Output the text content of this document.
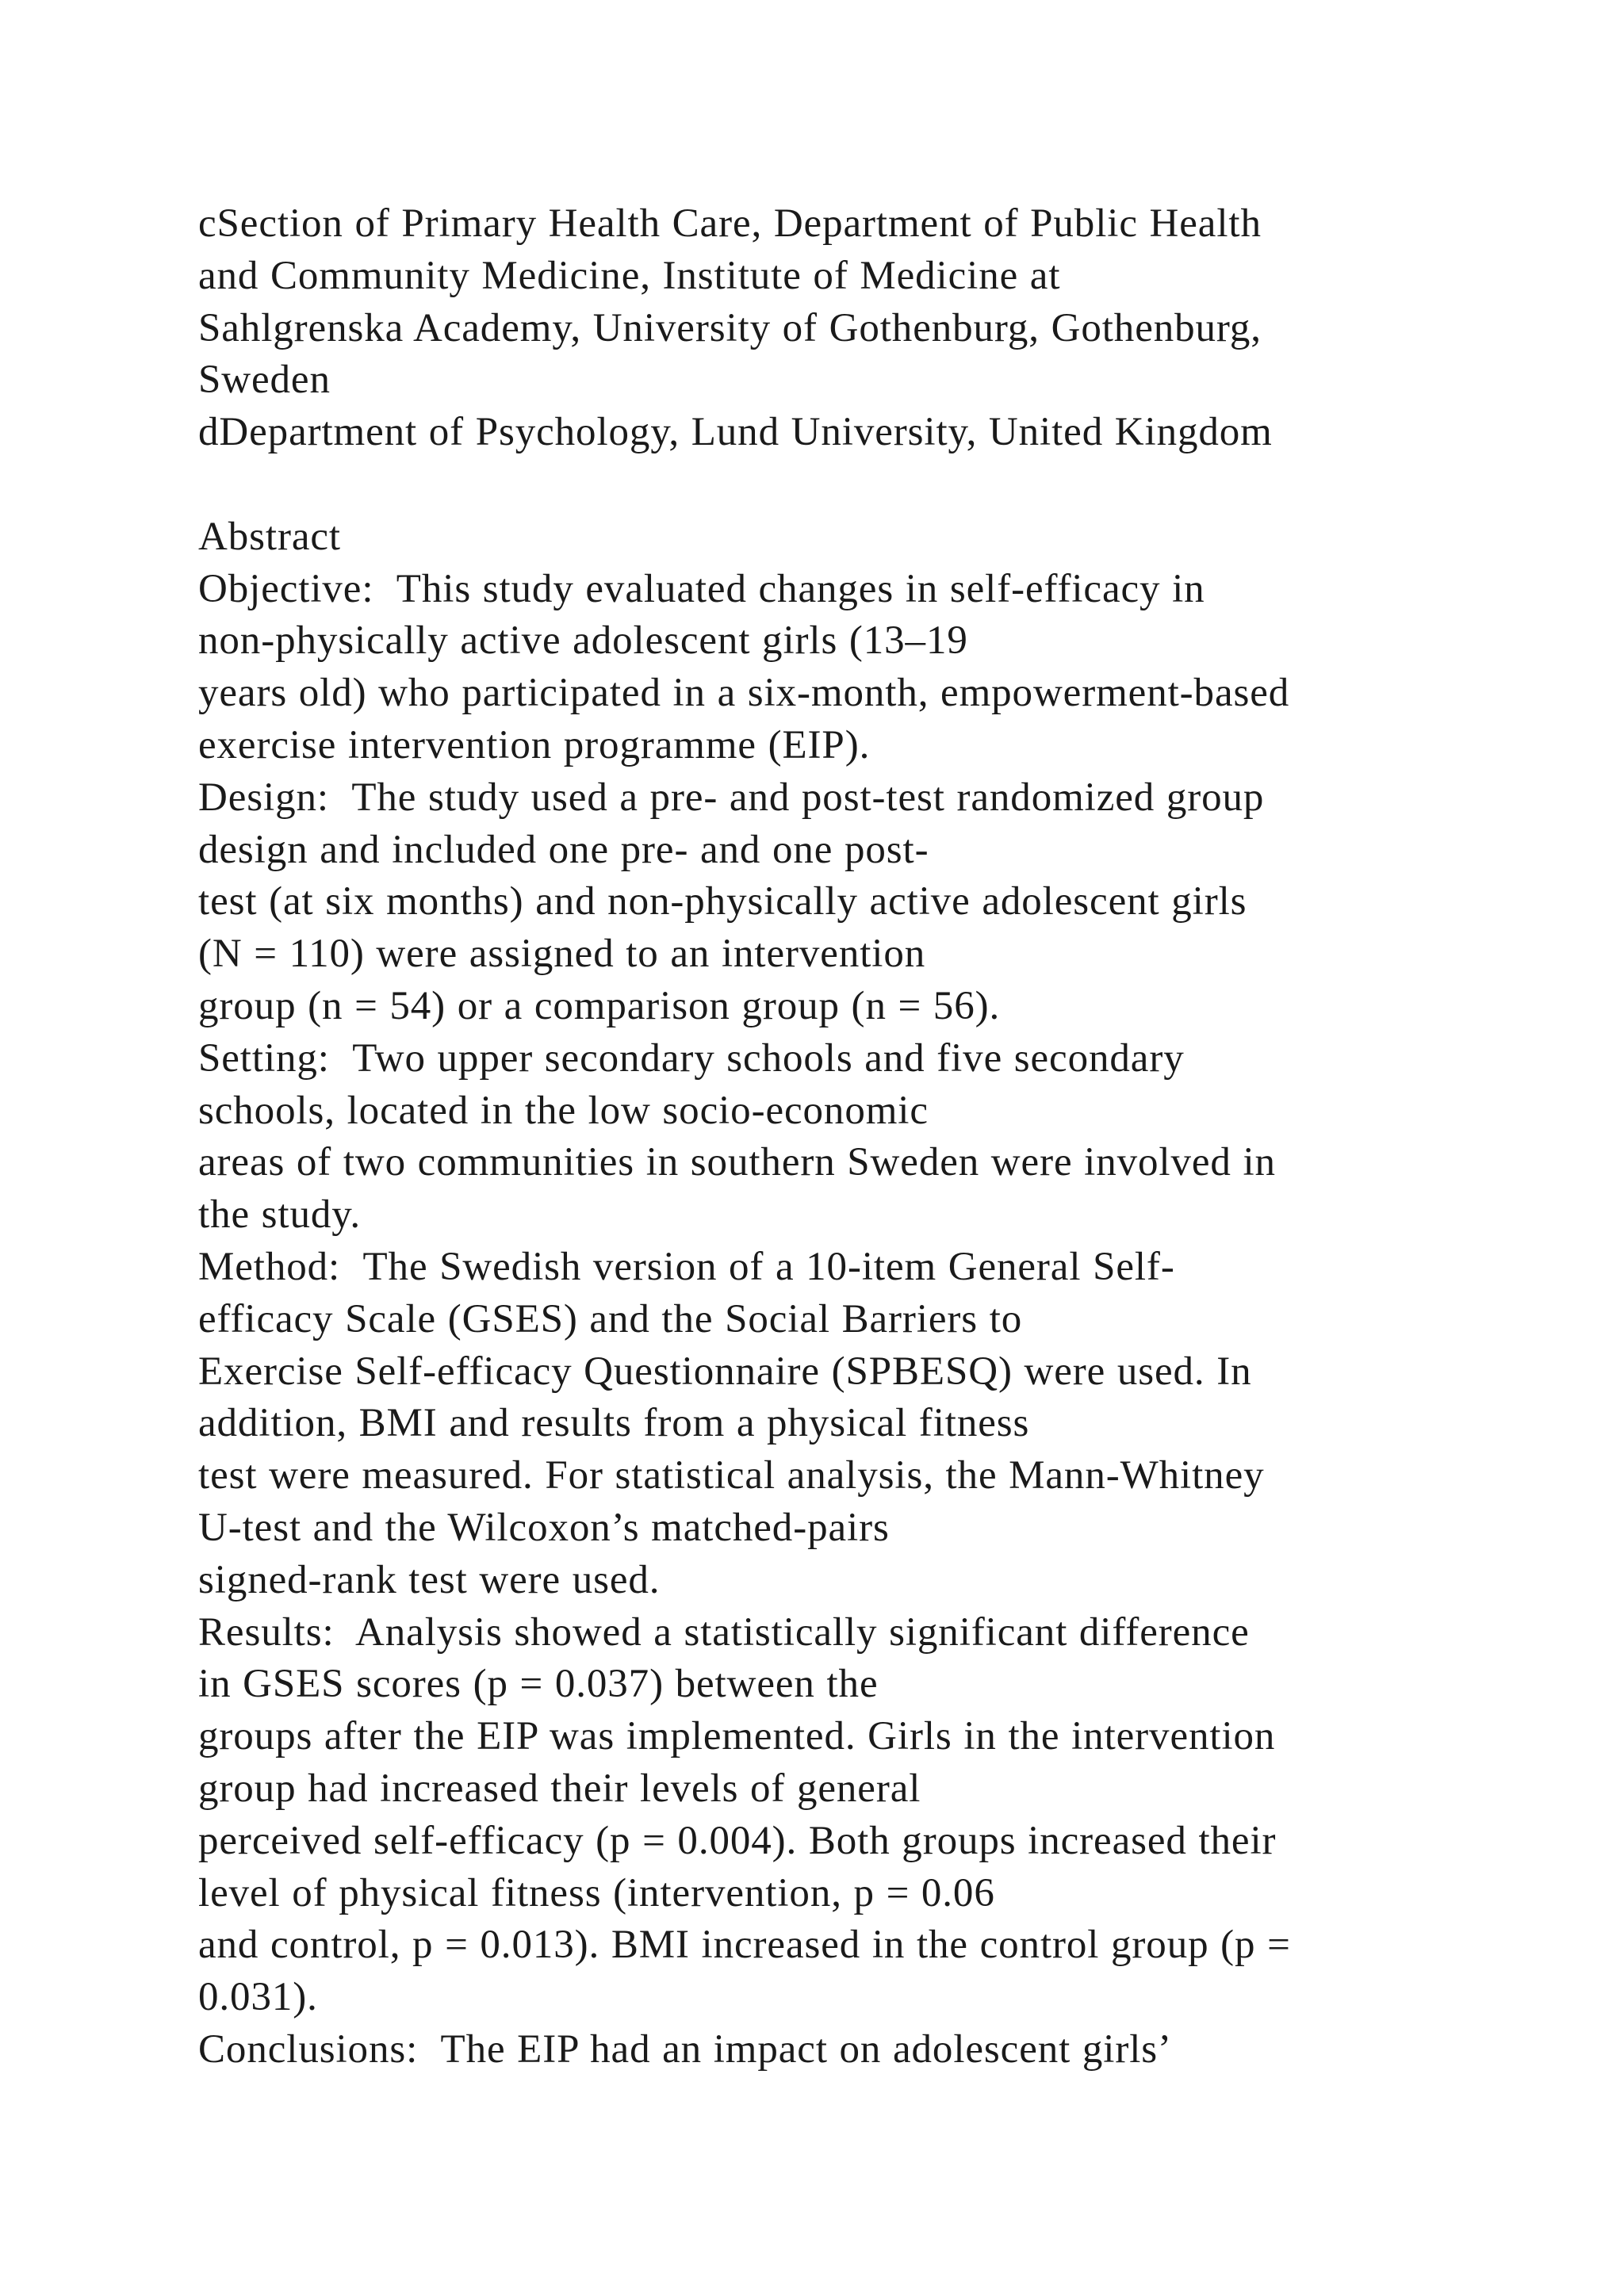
cSection of Primary Health Care, Department of Public Health
and Community Medicine, Institute of Medicine at
Sahlgrenska Academy, University of Gothenburg, Gothenburg,
Sweden
dDepartment of Psychology, Lund University, United Kingdom
Abstract
Objective:  This study evaluated changes in self-efficacy in
non-physically active adolescent girls (13–19
years old) who participated in a six-month, empowerment-based
exercise intervention programme (EIP).
Design:  The study used a pre- and post-test randomized group
design and included one pre- and one post-
test (at six months) and non-physically active adolescent girls
(N = 110) were assigned to an intervention
group (n = 54) or a comparison group (n = 56).
Setting:  Two upper secondary schools and five secondary
schools, located in the low socio-economic
areas of two communities in southern Sweden were involved in
the study.
Method:  The Swedish version of a 10-item General Self-
efficacy Scale (GSES) and the Social Barriers to
Exercise Self-efficacy Questionnaire (SPBESQ) were used. In
addition, BMI and results from a physical fitness
test were measured. For statistical analysis, the Mann-Whitney
U-test and the Wilcoxon’s matched-pairs
signed-rank test were used.
Results:  Analysis showed a statistically significant difference
in GSES scores (p = 0.037) between the
groups after the EIP was implemented. Girls in the intervention
group had increased their levels of general
perceived self-efficacy (p = 0.004). Both groups increased their
level of physical fitness (intervention, p = 0.06
and control, p = 0.013). BMI increased in the control group (p =
0.031).
Conclusions:  The EIP had an impact on adolescent girls’
